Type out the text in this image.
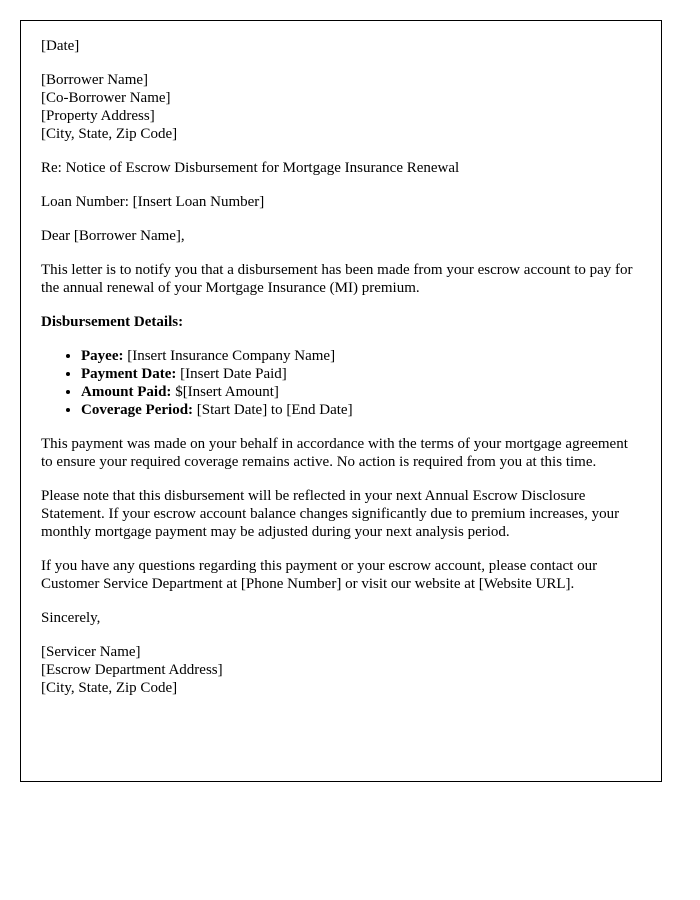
[Date]

[Borrower Name]
[Co-Borrower Name]
[Property Address]
[City, State, Zip Code]

Re: Notice of Escrow Disbursement for Mortgage Insurance Renewal

Loan Number: [Insert Loan Number]

Dear [Borrower Name],

This letter is to notify you that a disbursement has been made from your escrow account to pay for the annual renewal of your Mortgage Insurance (MI) premium.

Disbursement Details:
• Payee: [Insert Insurance Company Name]
• Payment Date: [Insert Date Paid]
• Amount Paid: $[Insert Amount]
• Coverage Period: [Start Date] to [End Date]

This payment was made on your behalf in accordance with the terms of your mortgage agreement to ensure your required coverage remains active. No action is required from you at this time.

Please note that this disbursement will be reflected in your next Annual Escrow Disclosure Statement. If your escrow account balance changes significantly due to premium increases, your monthly mortgage payment may be adjusted during your next analysis period.

If you have any questions regarding this payment or your escrow account, please contact our Customer Service Department at [Phone Number] or visit our website at [Website URL].

Sincerely,

[Servicer Name]
[Escrow Department Address]
[City, State, Zip Code]
